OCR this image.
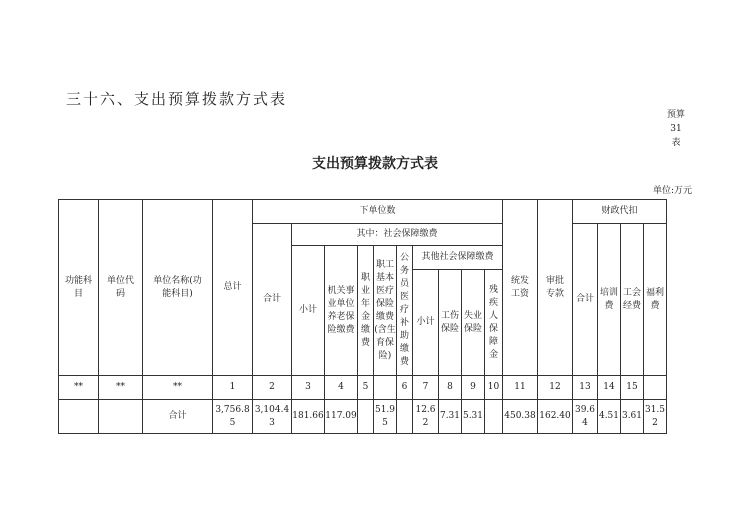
三十六、支出预算拨款方式表
预算
31
表
支出预算拨款方式表
单位:万元
功能科目	单位代码	单位名称(功能科目)	总计	下单位数										统发工资	审批专款	财政代扣			
				合计	其中：社会保障缴费											合计	培训费	工会经费	福利费
					小计	机关事业单位养老保险缴费	职业年金缴费	职工基本医疗保险缴费(含生育保险)	公务员医疗补助缴费	其他社会保障缴费									
										小计	工伤保险	失业保险	残疾人保障金						
**	**	**	1	2	3	4	5		6	7	8	9	10	11	12	13	14	15	
		合计	3,756.85	3,104.43	181.66	117.09		51.95		12.62	7.31	5.31		450.38	162.40	39.64	4.51	3.61	31.52
